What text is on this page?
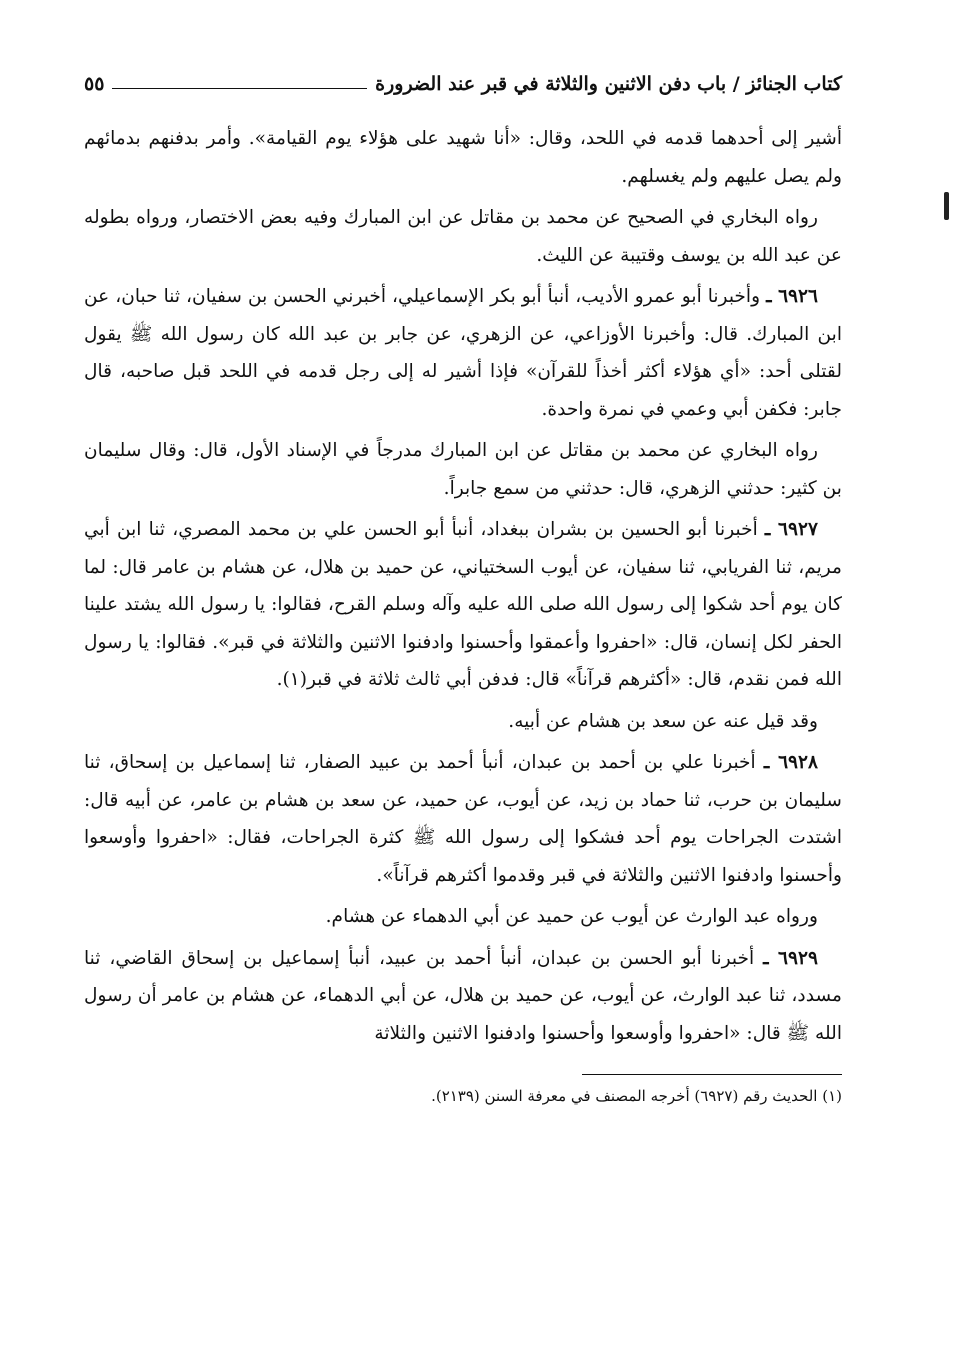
كتاب الجنائز / باب دفن الاثنين والثلاثة في قبر عند الضرورة
٥٥

أشير إلى أحدهما قدمه في اللحد، وقال: «أنا شهيد على هؤلاء يوم القيامة». وأمر بدفنهم بدمائهم ولم يصل عليهم ولم يغسلهم.

رواه البخاري في الصحيح عن محمد بن مقاتل عن ابن المبارك وفيه بعض الاختصار، ورواه بطوله عن عبد الله بن يوسف وقتيبة عن الليث.

٦٩٢٦ ـ وأخبرنا أبو عمرو الأديب، أنبأ أبو بكر الإسماعيلي، أخبرني الحسن بن سفيان، ثنا حبان، عن ابن المبارك. قال: وأخبرنا الأوزاعي، عن الزهري، عن جابر بن عبد الله كان رسول الله ﷺ يقول لقتلى أحد: «أي هؤلاء أكثر أخذاً للقرآن» فإذا أشير له إلى رجل قدمه في اللحد قبل صاحبه، قال جابر: فكفن أبي وعمي في نمرة واحدة.

رواه البخاري عن محمد بن مقاتل عن ابن المبارك مدرجاً في الإسناد الأول، قال: وقال سليمان بن كثير: حدثني الزهري، قال: حدثني من سمع جابراً.

٦٩٢٧ ـ أخبرنا أبو الحسين بن بشران ببغداد، أنبأ أبو الحسن علي بن محمد المصري، ثنا ابن أبي مريم، ثنا الفريابي، ثنا سفيان، عن أيوب السختياني، عن حميد بن هلال، عن هشام بن عامر قال: لما كان يوم أحد شكوا إلى رسول الله صلى الله عليه وآله وسلم القرح، فقالوا: يا رسول الله يشتد علينا الحفر لكل إنسان، قال: «احفروا وأعمقوا وأحسنوا وادفنوا الاثنين والثلاثة في قبر». فقالوا: يا رسول الله فمن نقدم، قال: «أكثرهم قرآناً» قال: فدفن أبي ثالث ثلاثة في قبر(١).

وقد قيل عنه عن سعد بن هشام عن أبيه.

٦٩٢٨ ـ أخبرنا علي بن أحمد بن عبدان، أنبأ أحمد بن عبيد الصفار، ثنا إسماعيل بن إسحاق، ثنا سليمان بن حرب، ثنا حماد بن زيد، عن أيوب، عن حميد، عن سعد بن هشام بن عامر، عن أبيه قال: اشتدت الجراحات يوم أحد فشكوا إلى رسول الله ﷺ كثرة الجراحات، فقال: «احفروا وأوسعوا وأحسنوا وادفنوا الاثنين والثلاثة في قبر وقدموا أكثرهم قرآناً».

ورواه عبد الوارث عن أيوب عن حميد عن أبي الدهماء عن هشام.

٦٩٢٩ ـ أخبرنا أبو الحسن بن عبدان، أنبأ أحمد بن عبيد، أنبأ إسماعيل بن إسحاق القاضي، ثنا مسدد، ثنا عبد الوارث، عن أيوب، عن حميد بن هلال، عن أبي الدهماء، عن هشام بن عامر أن رسول الله ﷺ قال: «احفروا وأوسعوا وأحسنوا وادفنوا الاثنين والثلاثة

(١) الحديث رقم (٦٩٢٧) أخرجه المصنف في معرفة السنن (٢١٣٩).
